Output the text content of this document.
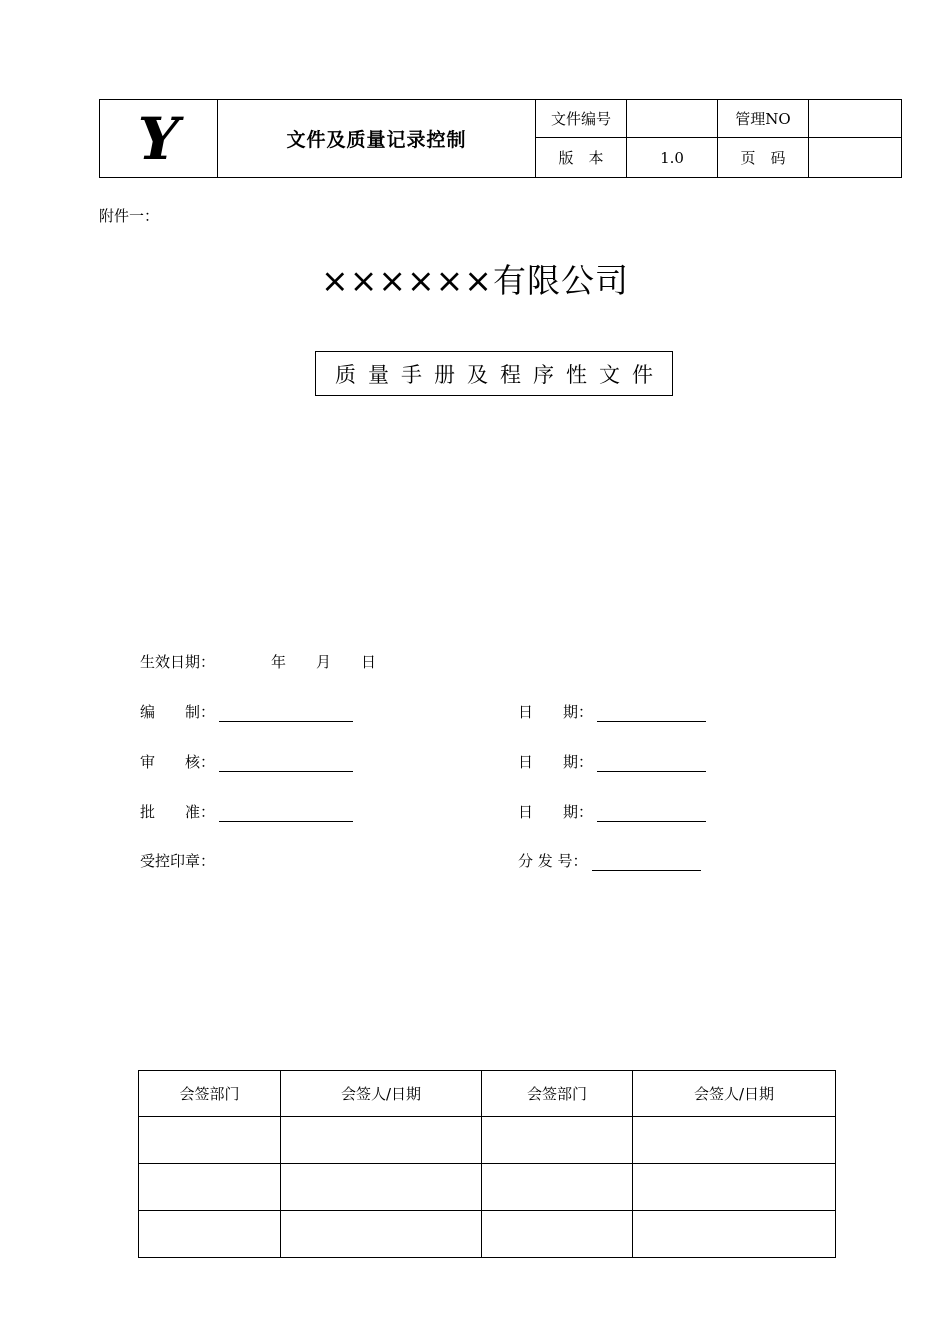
Y	文件及质量记录控制	文件编号		管理NO	
		版　本	1.0	页　码	
附件一：
××××××有限公司
质量手册及程序性文件
生效日期：	年　　月　　日
编　　制：	日　　期：
审　　核：	日　　期：
批　　准：	日　　期：
受控印章：	分 发 号：
会签部门	会签人/日期	会签部门	会签人/日期
